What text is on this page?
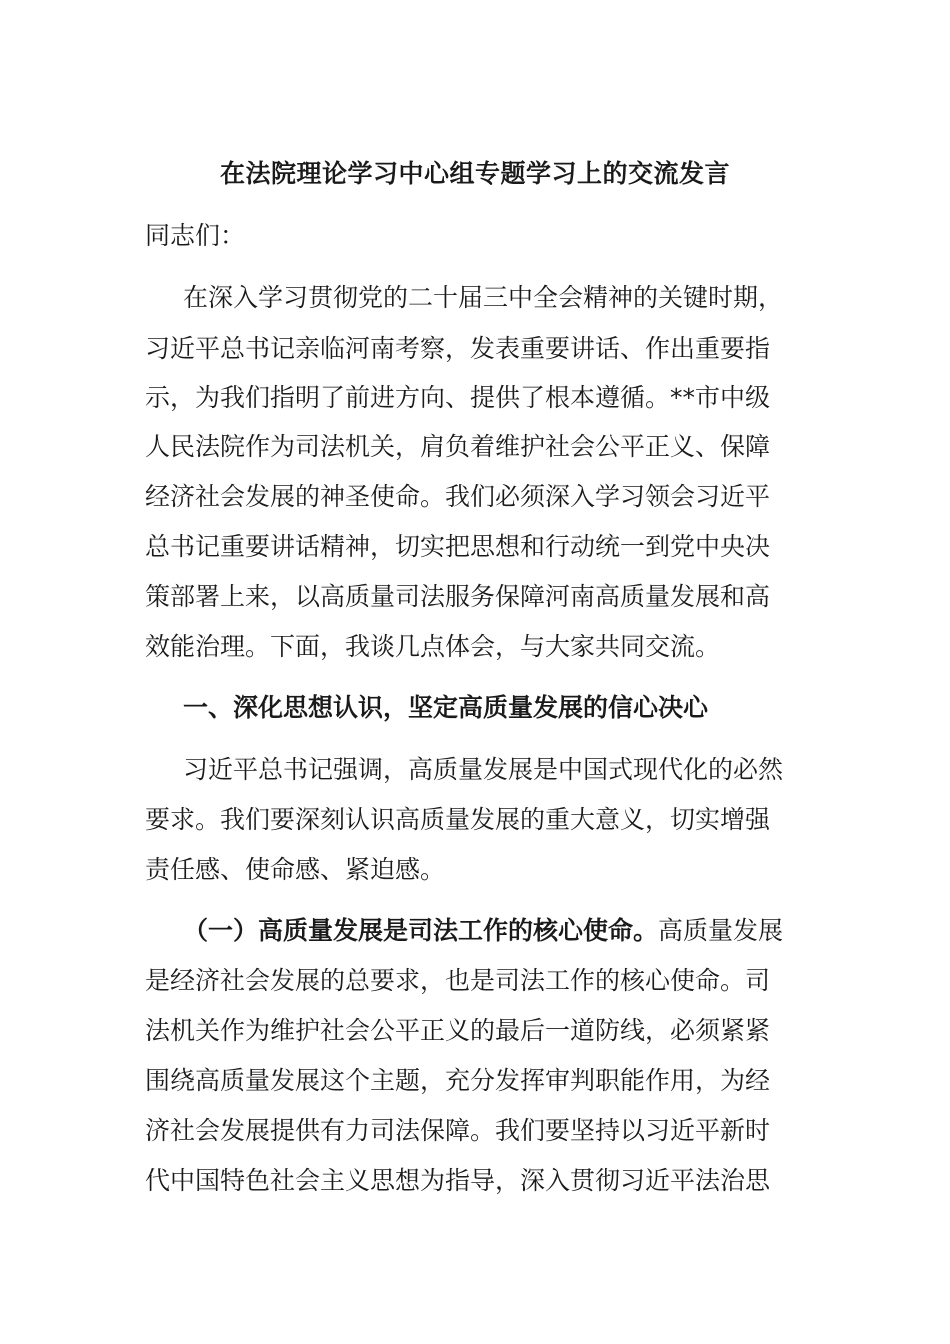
在法院理论学习中心组专题学习上的交流发言
同志们：
在深入学习贯彻党的二十届三中全会精神的关键时期，
习近平总书记亲临河南考察，发表重要讲话、作出重要指
示，为我们指明了前进方向、提供了根本遵循。**市中级
人民法院作为司法机关，肩负着维护社会公平正义、保障
经济社会发展的神圣使命。我们必须深入学习领会习近平
总书记重要讲话精神，切实把思想和行动统一到党中央决
策部署上来，以高质量司法服务保障河南高质量发展和高
效能治理。下面，我谈几点体会，与大家共同交流。
一、深化思想认识，坚定高质量发展的信心决心
习近平总书记强调，高质量发展是中国式现代化的必然
要求。我们要深刻认识高质量发展的重大意义，切实增强
责任感、使命感、紧迫感。
（一）高质量发展是司法工作的核心使命。高质量发展
是经济社会发展的总要求，也是司法工作的核心使命。司
法机关作为维护社会公平正义的最后一道防线，必须紧紧
围绕高质量发展这个主题，充分发挥审判职能作用，为经
济社会发展提供有力司法保障。我们要坚持以习近平新时
代中国特色社会主义思想为指导，深入贯彻习近平法治思
